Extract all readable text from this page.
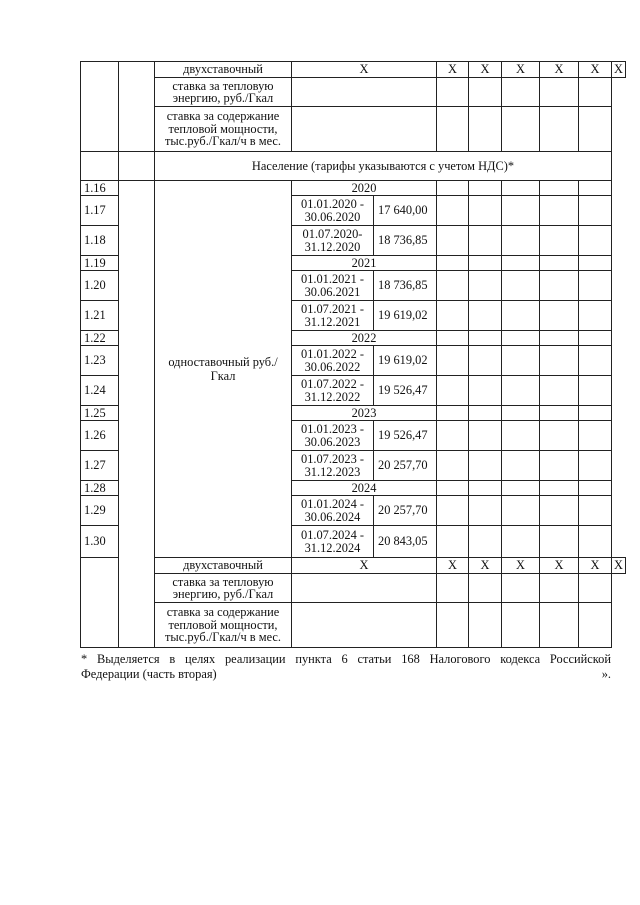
		двухставочный	X		X	X	X	X	X	X
		ставка за тепловую энергию, руб./Гкал								
		ставка за содержание тепловой мощности, тыс.руб./Гкал/ч в мес.								
		Население (тарифы указываются с учетом НДС)*								
1.16		одноставочный руб./Гкал	2020							
1.17			01.01.2020 - 30.06.2020	17 640,00						
1.18			01.07.2020- 31.12.2020	18 736,85						
1.19			2021							
1.20			01.01.2021 - 30.06.2021	18 736,85						
1.21			01.07.2021 - 31.12.2021	19 619,02						
1.22			2022							
1.23			01.01.2022 - 30.06.2022	19 619,02						
1.24			01.07.2022 - 31.12.2022	19 526,47						
1.25			2023							
1.26			01.01.2023 - 30.06.2023	19 526,47						
1.27			01.07.2023 - 31.12.2023	20 257,70						
1.28			2024							
1.29			01.01.2024 - 30.06.2024	20 257,70						
1.30			01.07.2024 - 31.12.2024	20 843,05						
		двухставочный	X		X	X	X	X	X	X
		ставка за тепловую энергию, руб./Гкал								
		ставка за содержание тепловой мощности, тыс.руб./Гкал/ч в мес.								
* Выделяется в целях реализации пункта 6 статьи 168 Налогового кодекса Российской
Федерации (часть вторая)	».
